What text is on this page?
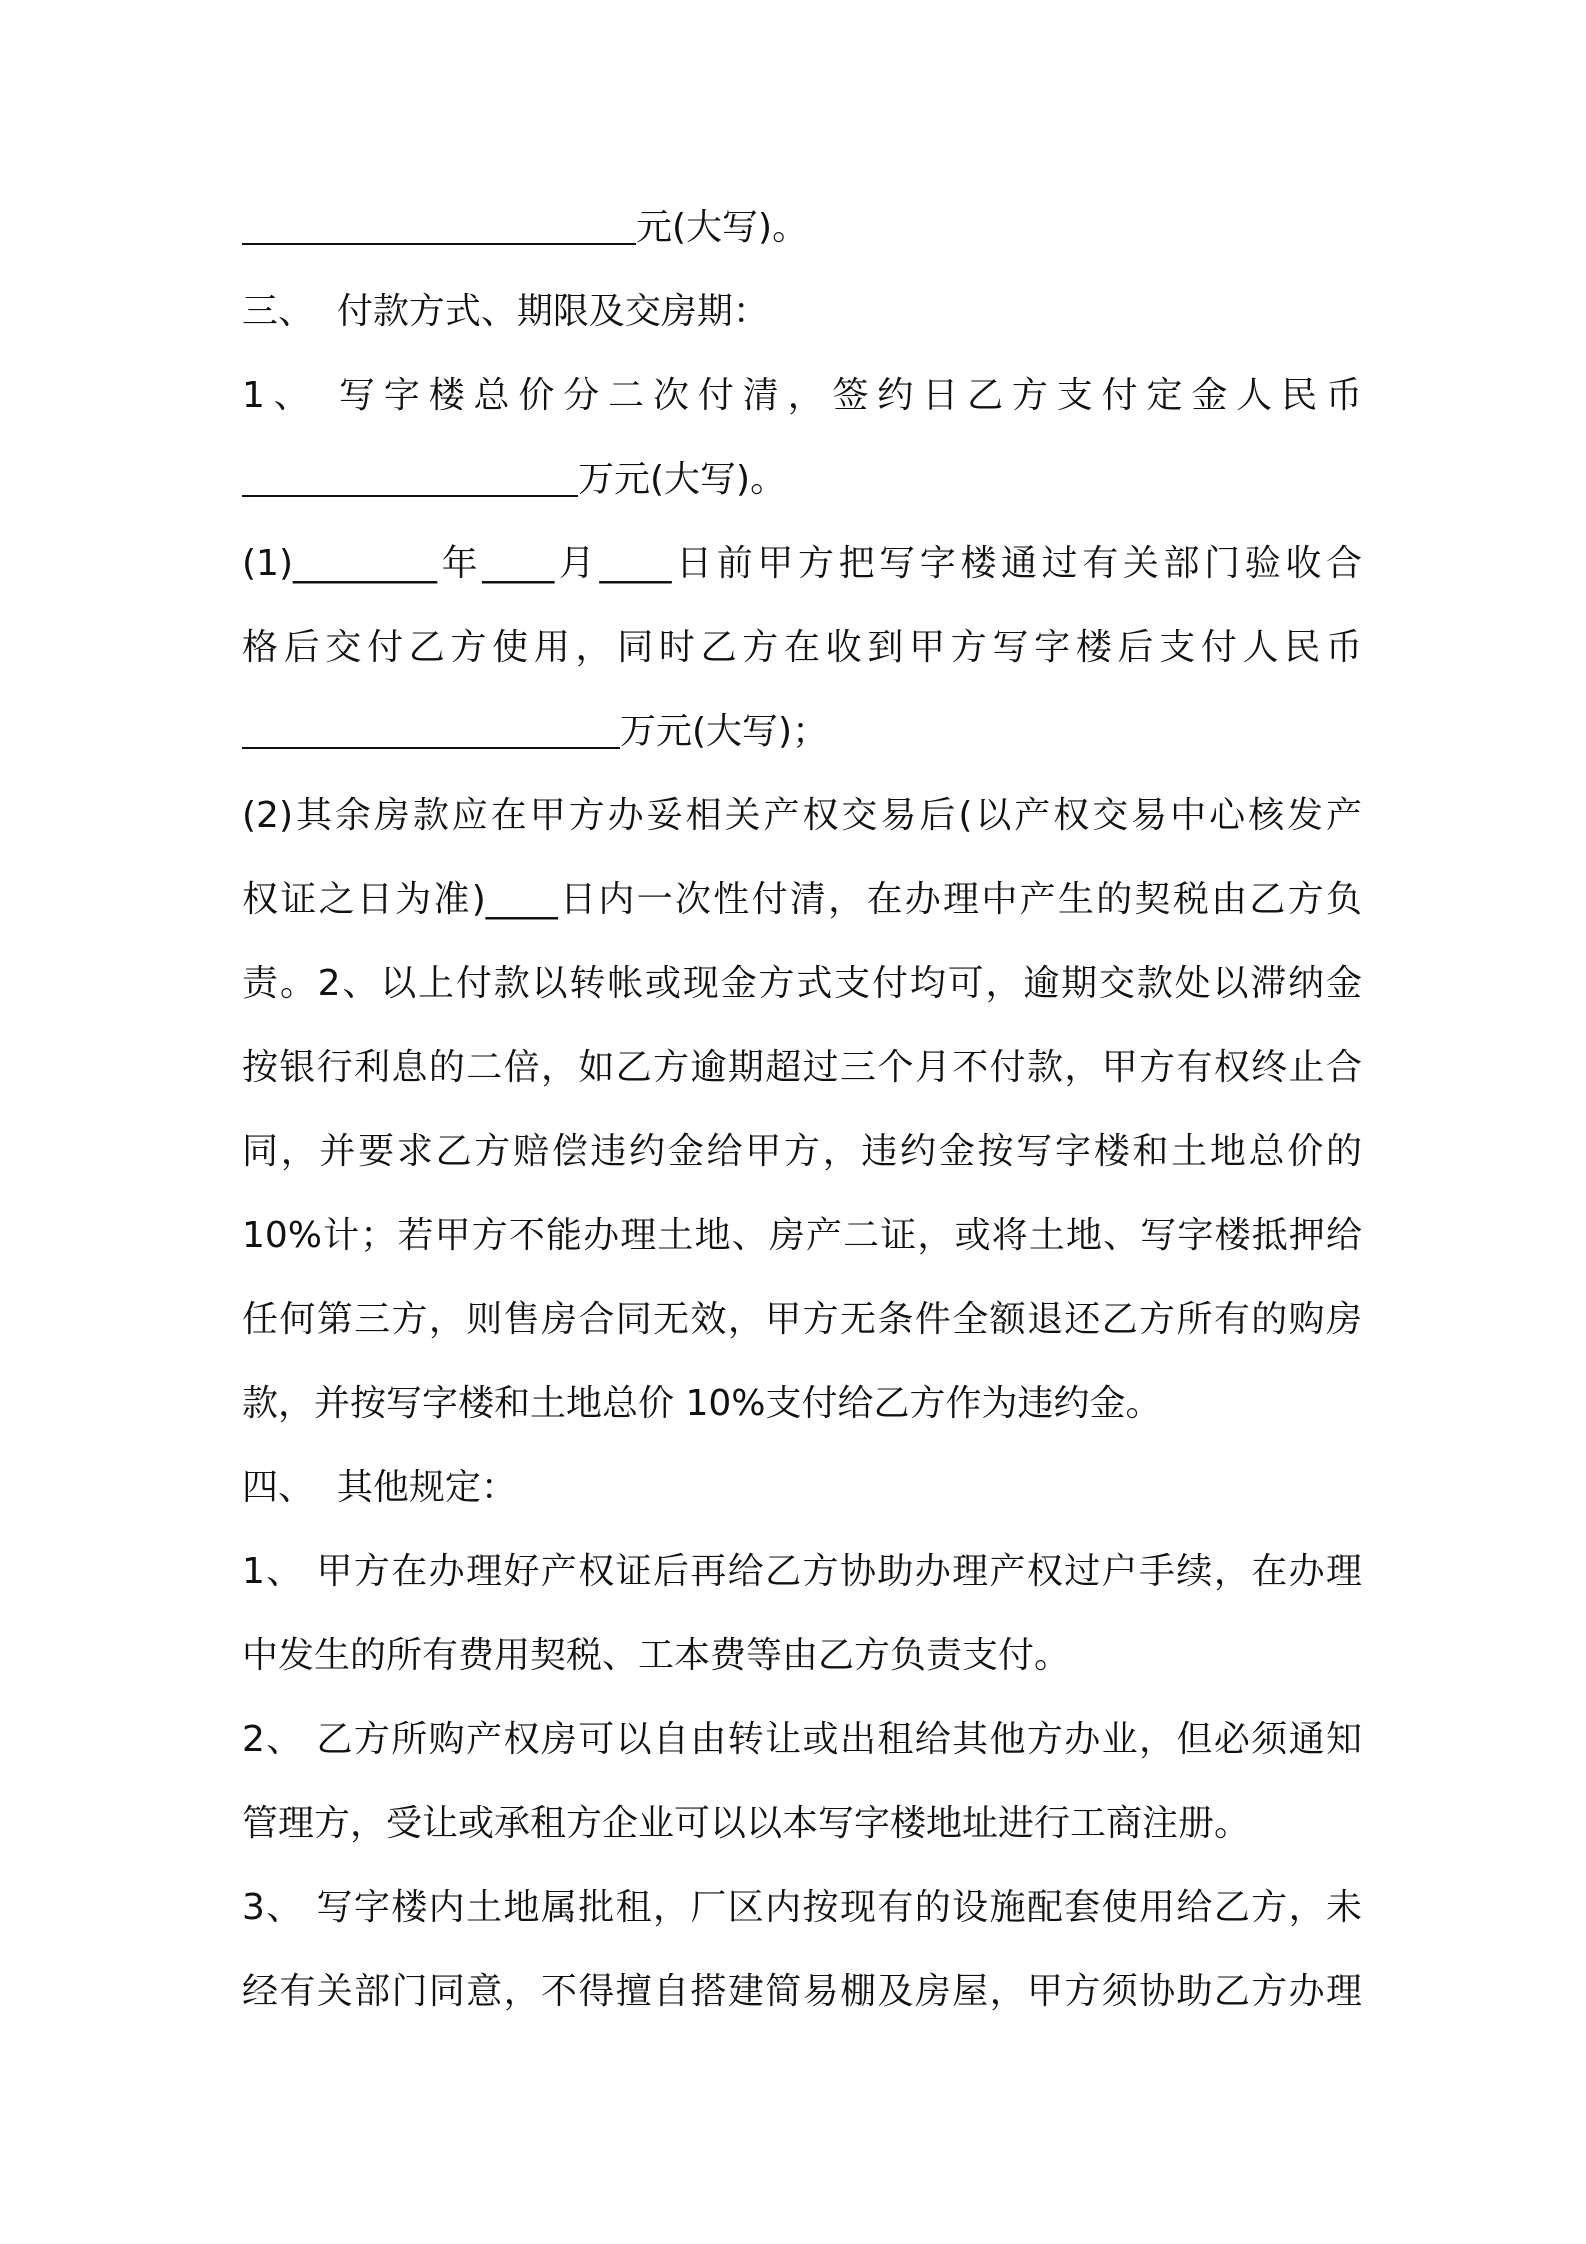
元(大写)。
三、  付款方式、期限及交房期：
1、 写字楼总价分二次付清，签约日乙方支付定金人民币
万元(大写)。
(1)________年____月____日前甲方把写字楼通过有关部门验收合
格后交付乙方使用，同时乙方在收到甲方写字楼后支付人民币
万元(大写)；
(2)其余房款应在甲方办妥相关产权交易后(以产权交易中心核发产
权证之日为准)____日内一次性付清，在办理中产生的契税由乙方负
责。2、以上付款以转帐或现金方式支付均可，逾期交款处以滞纳金
按银行利息的二倍，如乙方逾期超过三个月不付款，甲方有权终止合
同，并要求乙方赔偿违约金给甲方，违约金按写字楼和土地总价的
10%计；若甲方不能办理土地、房产二证，或将土地、写字楼抵押给
任何第三方，则售房合同无效，甲方无条件全额退还乙方所有的购房
款，并按写字楼和土地总价 10%支付给乙方作为违约金。
四、  其他规定：
1、 甲方在办理好产权证后再给乙方协助办理产权过户手续，在办理
中发生的所有费用契税、工本费等由乙方负责支付。
2、 乙方所购产权房可以自由转让或出租给其他方办业，但必须通知
管理方，受让或承租方企业可以以本写字楼地址进行工商注册。
3、 写字楼内土地属批租，厂区内按现有的设施配套使用给乙方，未
经有关部门同意，不得擅自搭建简易棚及房屋，甲方须协助乙方办理
